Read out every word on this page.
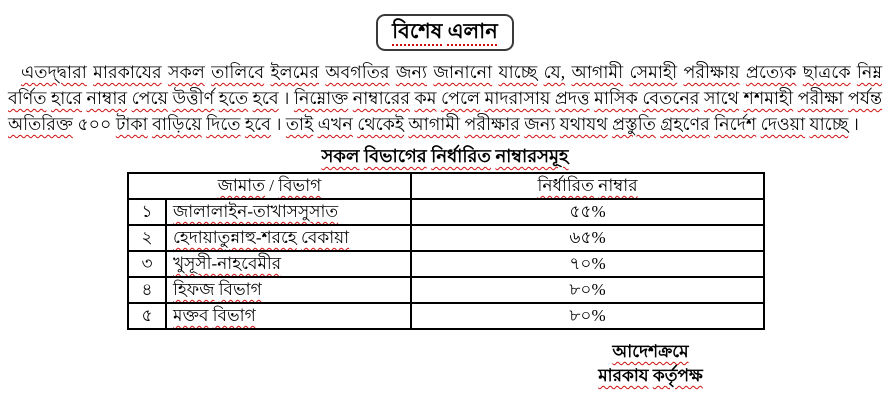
বিশেষ এলান
এতদ্দ্বারা মারকাযের সকল তালিবে ইলমের অবগতির জন্য জানানো যাচ্ছে যে, আগামী সেমাহী পরীক্ষায় প্রত্যেক ছাত্রকে নিম্ন বর্ণিত হারে নাম্বার পেয়ে উত্তীর্ণ হতে হবে । নিম্নোক্ত নাম্বারের কম পেলে মাদরাসায় প্রদত্ত মাসিক বেতনের সাথে শশমাহী পরীক্ষা পর্যন্ত অতিরিক্ত ৫০০ টাকা বাড়িয়ে দিতে হবে । তাই এখন থেকেই আগামী পরীক্ষার জন্য যথাযথ প্রস্তুতি গ্রহণের নির্দেশ দেওয়া যাচ্ছে ।
সকল বিভাগের নির্ধারিত নাম্বারসমূহ
জামাত / বিভাগ		নির্ধারিত নাম্বার
১	জালালাইন-তাখাসসুসাত	৫৫%
২	হেদায়াতুন্নাহু-শরহে বেকায়া	৬৫%
৩	খুসূসী-নাহবেমীর	৭০%
৪	হিফজ বিভাগ	৮০%
৫	মক্তব বিভাগ	৮০%
আদেশক্রমে
মারকায কর্তৃপক্ষ
